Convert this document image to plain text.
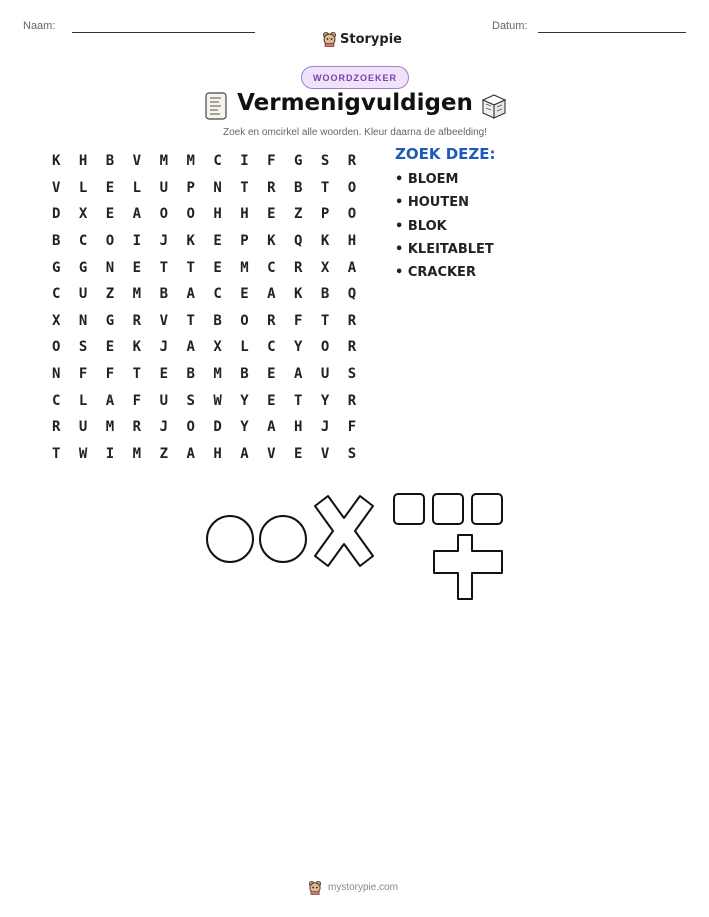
Naam:
Storypie
Datum:
WOORDZOEKER
Vermenigvuldigen
Zoek en omcirkel alle woorden. Kleur daarna de afbeelding!
K	H	B	V	M	M	C	I	F	G	S	R
V	L	E	L	U	P	N	T	R	B	T	O
D	X	E	A	O	O	H	H	E	Z	P	O
B	C	O	I	J	K	E	P	K	Q	K	H
G	G	N	E	T	T	E	M	C	R	X	A
C	U	Z	M	B	A	C	E	A	K	B	Q
X	N	G	R	V	T	B	O	R	F	T	R
O	S	E	K	J	A	X	L	C	Y	O	R
N	F	F	T	E	B	M	B	E	A	U	S
C	L	A	F	U	S	W	Y	E	T	Y	R
R	U	M	R	J	O	D	Y	A	H	J	F
T	W	I	M	Z	A	H	A	V	E	V	S
ZOEK DEZE:
• BLOEM
• HOUTEN
• BLOK
• KLEITABLET
• CRACKER
mystorypie.com
